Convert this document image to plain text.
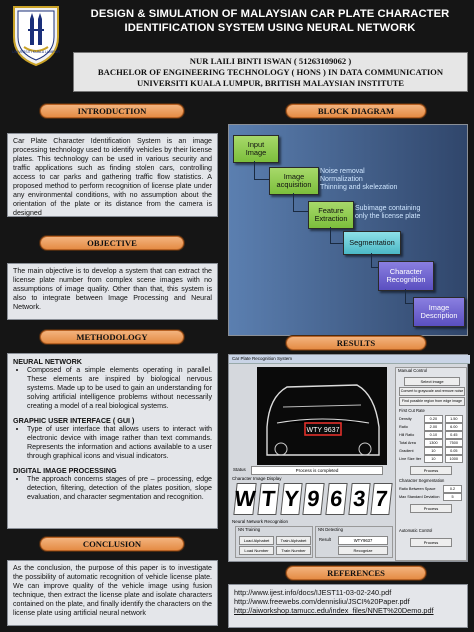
UNIVERSITI KUALA LUMPUR
DESIGN & SIMULATION OF MALAYSIAN CAR PLATE CHARACTER
IDENTIFICATION SYSTEM USING NEURAL NETWORK
NUR LAILI BINTI ISWAN ( 51263109062 )
BACHELOR OF ENGINEERING TECHNOLOGY ( HONS ) IN DATA COMMUNICATION
UNIVERSITI KUALA LUMPUR, BRITISH MALAYSIAN INSTITUTE
INTRODUCTION
Car Plate Character Identification System is an image processing technology used to identify vehicles by their license plates. This technology can be used in various security and traffic applications such as finding stolen cars, controlling access to car parks and gathering traffic flow statistics. A proposed method to perform recognition of license plate under any environmental conditions, with no assumption about the orientation of the plate or its distance from the camera is designed
OBJECTIVE
The main objective is to develop a system that can extract the license plate number from complex scene images with no assumptions of image quality. Other than that, this system is also to integrate between Image Processing and Neural Network.
METHODOLOGY
NEURAL NETWORK
• Composed of a simple elements operating in parallel. These elements are inspired by biological nervous systems. Made up to be used to gain an understanding for solving artificial intelligence problems without necessarily creating a model of a real biological systems.
GRAPHIC USER INTERFACE ( GUI )
• Type of user interface that allows users to interact with electronic device with image rather than text commands. Represents the information and actions available to a user through graphical icons and visual indicators.
DIGITAL IMAGE PROCESSING
• The approach concerns stages of pre – processing, edge detection, filtering, detection of the plates position, slope evaluation, and character segmentation and recognition.
CONCLUSION
As the conclusion, the purpose of this paper is to investigate the possibility of automatic recognition of vehicle license plate. We can improve quality of the vehicle image using fusion technique, then extract the license plate and isolate characters contained on the plate, and finally identify the characters on the license plate using artificial neural network
BLOCK DIAGRAM
Input
Image
Image
acquisition
Noise removal
Normalization
Thinning and skelezation
Feature
Extraction
Subimage containing
only the license plate
Segmentation
Character
Recognition
Image
Description
RESULTS
Car Plate Recognition System
WTY 9637
Status	Process is completed
Character Image Display
W T Y 9 6 3 7
Neural Network Recognition
NN Training
Load Alphabet	Train Alphabet
Load Number	Train Number
NN Detecting
Result	WTY9637
Recognize
Manual Control
Select image
Convert to grayscale and remove noise
Find possible region from edge image
First Cut Rate
Density	0.20	1.50
Ratio	2.00	6.00
Hill Ratio	0.10	0.45
Total Area	1300	7500
Gradient	10	0.05
Line Size Iter	10	1000
Process
Character Segmentation
Ratio Between Space	0.2
Max Standard Deviation	5
Process
Automatic Control
Process
REFERENCES
http://www.ijest.info/docs/IJEST11-03-02-240.pdf
http://www.freewebs.com/dennisliu/JSCI%20Paper.pdf
http://aiworkshop.tamucc.edu/index_files/NNET%20Demo.pdf
